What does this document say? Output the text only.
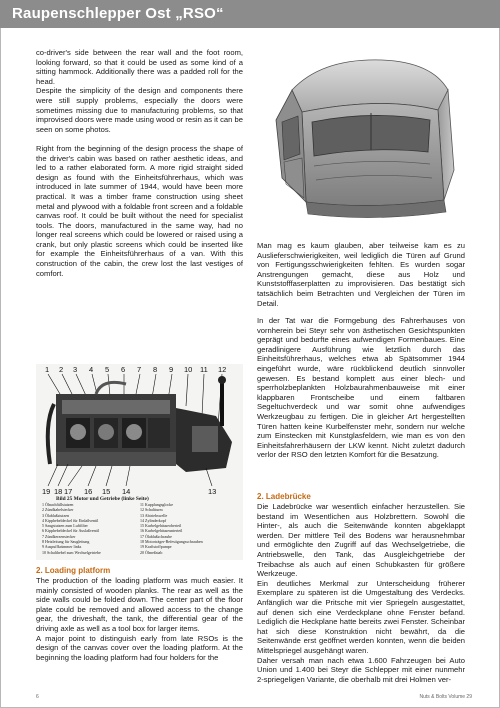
Raupenschlepper Ost „RSO“

co-driver's side between the rear wall and the foot room, looking forward, so that it could be used as some kind of a sitting hammock. Additionally there was a padded roll for the head.

Despite the simplicity of the design and components there were still supply problems, especially the doors were sometimes missing due to manufacturing problems, so that improvised doors were made using wood or resin as it can be seen on some photos.

Right from the beginning of the design process the shape of the driver's cabin was based on rather aesthetic ideas, and led to a rather elaborated form. A more rigid straight sided design as found with the Einheitsführerhaus, which was introduced in late summer of 1944, would have been more practical. It was a timber frame construction using sheet metal and plywood with a foldable front screen and a foldable canvas roof. It could be built without the need for specialist tools. The doors, manufactured in the same way, had no longer real screens which could be lowered or raised using a crank, but only plastic screens which could be inserted like for example the Einheitsführerhaus of a van. With this construction of the cabin, the crew lost the last vestiges of comfort.

Man mag es kaum glauben, aber teilweise kam es zu Auslieferschwierigkeiten, weil lediglich die Türen auf Grund von Fertigungsschwierigkeiten fehlten. Es wurden sogar Anstrengungen gemacht, diese aus Holz und Kunststofffaserplatten zu improvisieren. Das bestätigt sich tatsächlich beim Betrachten und Vergleichen der Türen im Detail.

In der Tat war die Formgebung des Fahrerhauses von vornherein bei Steyr sehr von ästhetischen Gesichtspunkten geprägt und bedurfte eines aufwendigen Formenbaues. Eine geradlinigere Ausführung wie letztlich durch das Einheitsführerhaus, welches etwa ab Spätsommer 1944 eingeführt wurde, wäre rückblickend deutlich sinnvoller gewesen. Es bestand komplett aus einer blech- und sperrholzbeplankten Holzbaurahmenbauweise mit einer klappbaren Frontscheibe und einem faltbaren Segeltuchverdeck und war somit ohne aufwendiges Werkzeugbau zu fertigen. Die in gleicher Art hergestellten Türen hatten keine Kurbelfenster mehr, sondern nur welche zum Einstecken mit Kunstglasfeldern, wie man es von den Einheitsfahrerhäusern der LKW kennt. Nicht zuletzt dadurch verlor der RSO den letzten Komfort für die Besatzung.

2. Ladebrücke

Die Ladebrücke war wesentlich einfacher herzustellen. Sie bestand im Wesentlichen aus Holzbrettern. Sowohl die Hinter-, als auch die Seitenwände konnten abgeklappt werden. Der mittlere Teil des Bodens war herausnehmbar und ermöglichte den Zugriff auf das Wechselgetriebe, die Antriebswelle, den Tank, das Ausgleichgetriebe der Treibachse als auch auf einen Schubkasten für größere Werkzeuge.

Ein deutliches Merkmal zur Unterscheidung früherer Exemplare zu späteren ist die Umgestaltung des Verdecks. Anfänglich war die Pritsche mit vier Spriegeln ausgestattet, auf denen sich eine Verdeckplane ohne Fenster befand. Lediglich die Heckplane hatte bereits zwei Fenster. Scheinbar hat sich diese Konstruktion nicht bewährt, da die Seitenwände erst geöffnet werden konnten, wenn die beiden Mittelspriegel ausgehängt waren.

Daher versah man nach etwa 1.600 Fahrzeugen bei Auto Union und 1.400 bei Steyr die Schlepper mit einer nunmehr 2-spriegeligen Variante, die oberhalb mit drei Holmen ver-

1 2 3 4 5 6 7 8 9 10 11 12
19 18 17 16 15 14	13
Bild 25 Motor und Getriebe (linke Seite)
1 Ölnachfüllstutzen
2 Zündkabelstecker
3 Ölablaßstutzen
4 Kipphebeldeckel für Einlaßventil
5 Saugstutzen zum Luftfilter
6 Kipphebeldeckel für Auslaßventil
7 Zündkerzenstecker
8 Heizleitung für Saugleitung
9 Auspuffkrümmer links
10 Schalthebel zum Wechselgetriebe
11 Kupplungsglocke
12 Schaltturm
13 Abtriebswelle
14 Zylinderkopf
15 Kurbelgehäuseoberteil
16 Kurbelgehäuseunterteil
17 Ölablaßschraube
18 Motorträger-Befestigungsschrauben
19 Kraftstoffpumpe
20 Ölmeßstab

2. Loading platform

The production of the loading platform was much easier. It mainly consisted of wooden planks. The rear as well as the side walls could be folded down. The center part of the floor plate could be removed and allowed access to the change gear, the driveshaft, the tank, the differential gear of the driving axle as well as a tool box for larger items.

A major point to distinguish early from late RSOs is the design of the canvas cover over the loading platform. At the beginning the loading platform had four holders for the

6	Nuts & Bolts Volume 29
